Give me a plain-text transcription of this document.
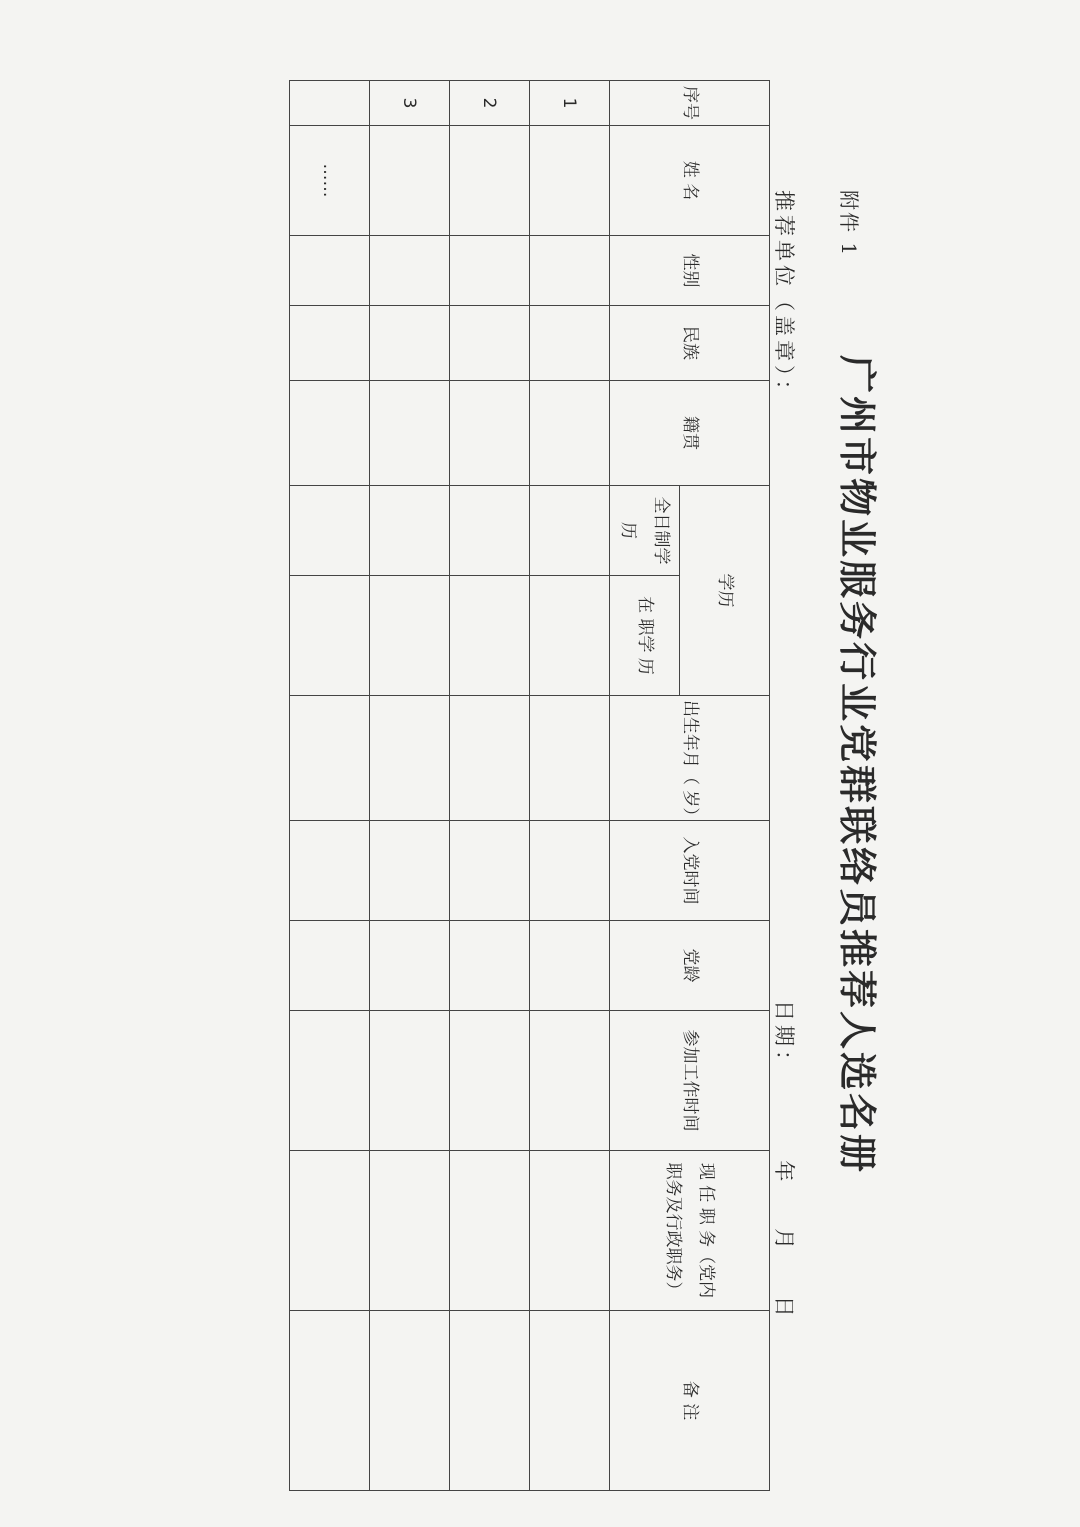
附件 1
广州市物业服务行业党群联络员推荐人选名册
推荐单位（盖章）：
日期：        年    月    日
序号	姓 名	性别	民族	籍贯	学历		出生年月（ 岁）	入党时间	党龄	参加工作时间	现 任 职 务（党内职务及行政职务）	备 注
					全日制学 历	在 职学 历						
1												
2												
3												
	……											
